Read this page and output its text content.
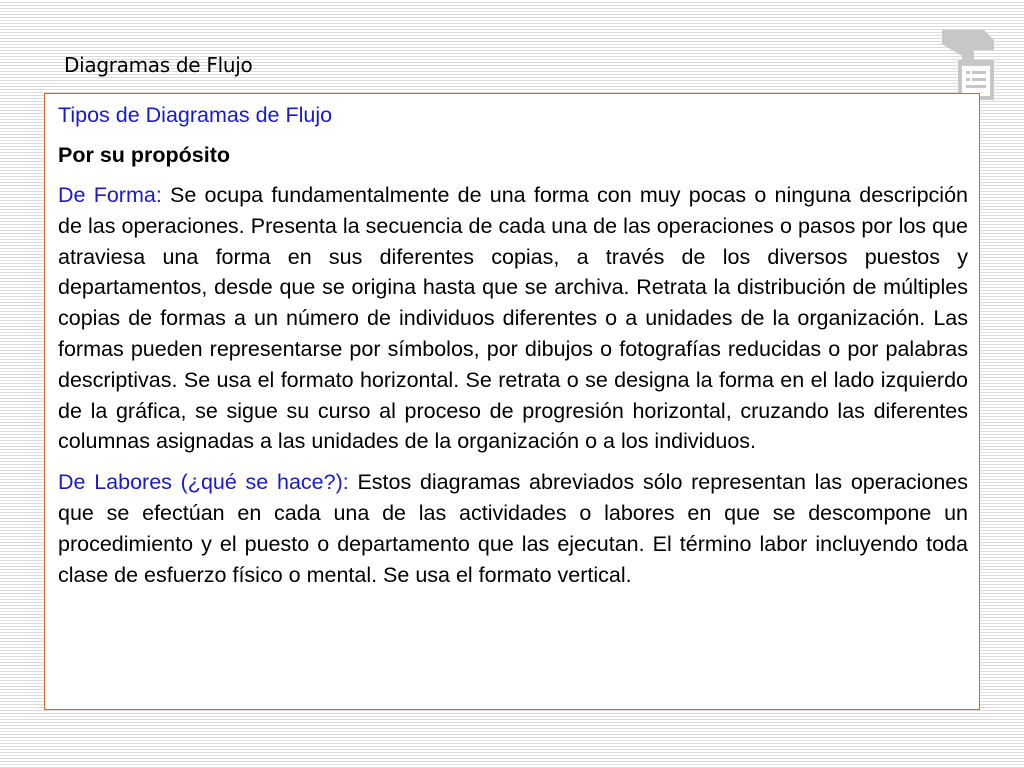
Diagramas de Flujo

Tipos de Diagramas de Flujo

Por su propósito

De Forma: Se ocupa fundamentalmente de una forma con muy pocas o ninguna descripción de las operaciones. Presenta la secuencia de cada una de las operaciones o pasos por los que atraviesa una forma en sus diferentes copias, a través de los diversos puestos y departamentos, desde que se origina hasta que se archiva. Retrata la distribución de múltiples copias de formas a un número de individuos diferentes o a unidades de la organización. Las formas pueden representarse por símbolos, por dibujos o fotografías reducidas o por palabras descriptivas. Se usa el formato horizontal. Se retrata o se designa la forma en el lado izquierdo de la gráfica, se sigue su curso al proceso de progresión horizontal, cruzando las diferentes columnas asignadas a las unidades de la organización o a los individuos.

De Labores (¿qué se hace?): Estos diagramas abreviados sólo representan las operaciones que se efectúan en cada una de las actividades o labores en que se descompone un procedimiento y el puesto o departamento que las ejecutan. El término labor incluyendo toda clase de esfuerzo físico o mental. Se usa el formato vertical.
